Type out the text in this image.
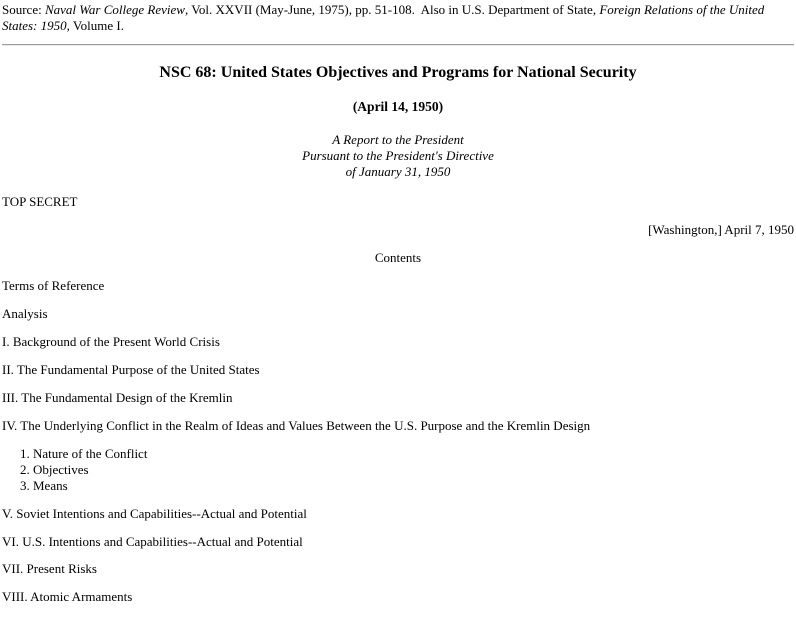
Source: Naval War College Review, Vol. XXVII (May-June, 1975), pp. 51-108.  Also in U.S. Department of State, Foreign Relations of the United States: 1950, Volume I.

NSC 68: United States Objectives and Programs for National Security

(April 14, 1950)

A Report to the President
Pursuant to the President's Directive
of January 31, 1950

TOP SECRET

[Washington,] April 7, 1950

Contents

Terms of Reference

Analysis

I. Background of the Present World Crisis

II. The Fundamental Purpose of the United States

III. The Fundamental Design of the Kremlin

IV. The Underlying Conflict in the Realm of Ideas and Values Between the U.S. Purpose and the Kremlin Design

1. Nature of the Conflict
2. Objectives
3. Means

V. Soviet Intentions and Capabilities--Actual and Potential

VI. U.S. Intentions and Capabilities--Actual and Potential

VII. Present Risks

VIII. Atomic Armaments
